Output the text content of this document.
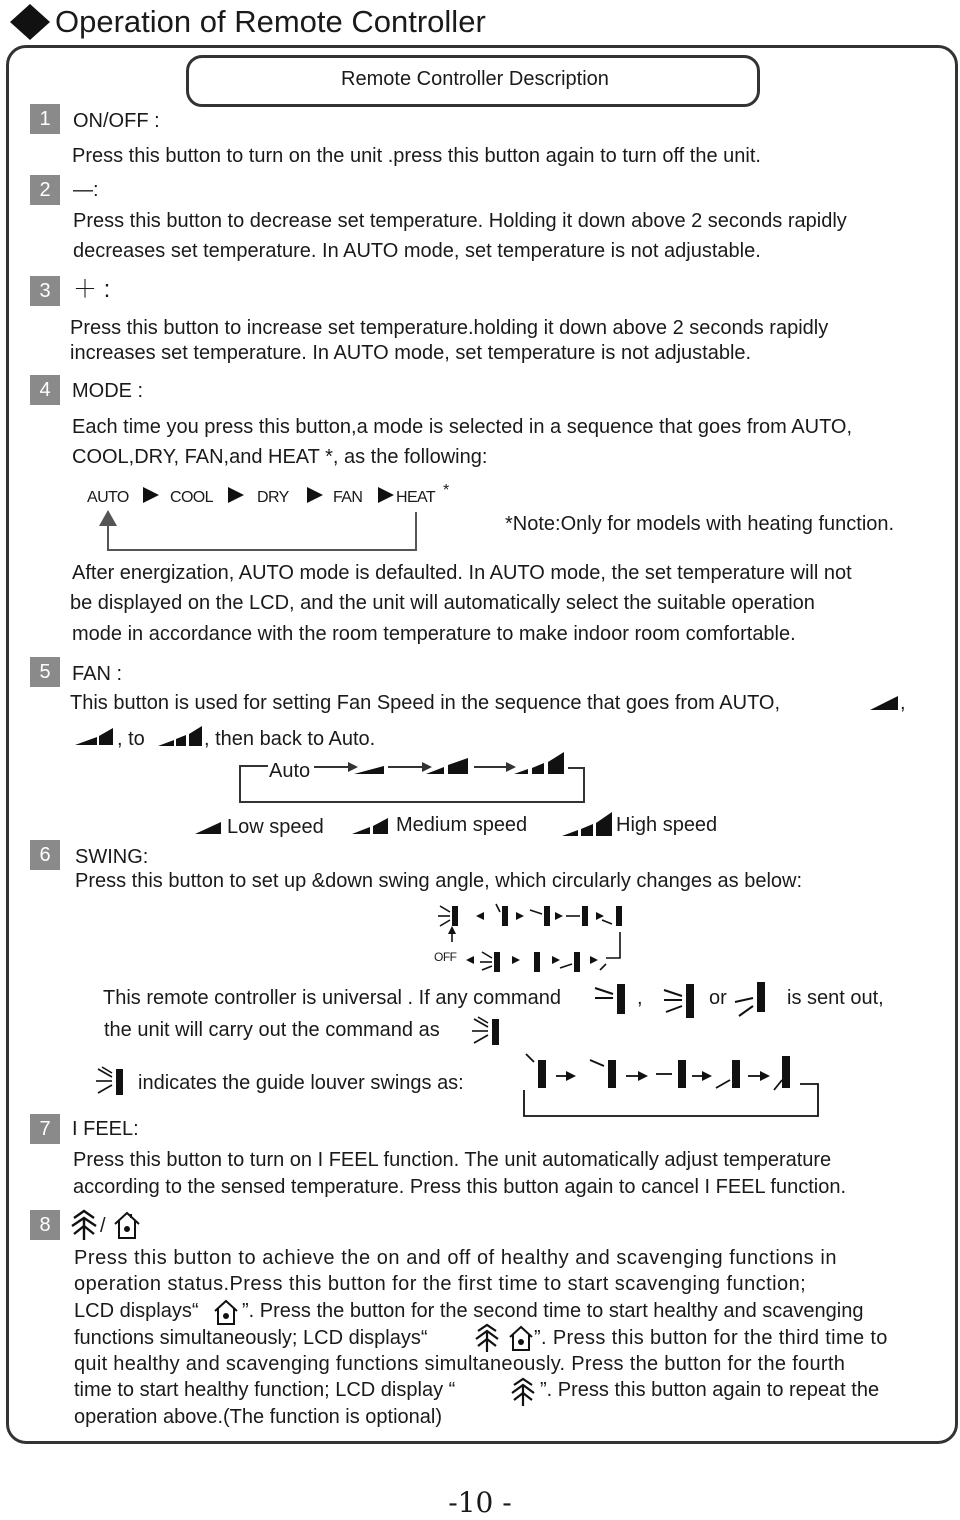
Operation of Remote Controller
Remote Controller Description
1	ON/OFF :
Press this button to turn on the unit .press this button again to turn off the unit.
2	—:
Press this button to decrease set temperature. Holding it down above 2 seconds rapidly
decreases set temperature. In AUTO mode, set temperature is not adjustable.
3 ＋ :
Press this button to increase set temperature.holding it down above 2 seconds rapidly
increases set temperature. In AUTO mode, set temperature is not adjustable.
4	MODE :
Each time you press this button,a mode is selected in a sequence that goes from AUTO,
COOL,DRY, FAN,and HEAT *, as the following:
AUTO	COOL	DRY	FAN HEAT *
*Note:Only for models with heating function.
After energization, AUTO mode is defaulted. In AUTO mode, the set temperature will not
be displayed on the LCD, and the unit will automatically select the suitable operation
mode in accordance with the room temperature to make indoor room comfortable.
5	FAN :
This button is used for setting Fan Speed in the sequence that goes from AUTO,	,
, to	, then back to Auto.
Auto
Low speed	Medium speed	High speed
6	SWING:
Press this button to set up &down swing angle, which circularly changes as below:
OFF
This remote controller is universal . If any command	,	or	is sent out,
the unit will carry out the command as
indicates the guide louver swings as:
7	I FEEL:
Press this button to turn on I FEEL function. The unit automatically adjust temperature
according to the sensed temperature. Press this button again to cancel I FEEL function.
8	/
Press this button to achieve the on and off of healthy and scavenging functions in
operation status.Press this button for the first time to start scavenging function;
LCD displays“ ”. Press the button for the second time to start healthy and scavenging
functions simultaneously; LCD displays“	”. Press this button for the third time to
quit healthy and scavenging functions simultaneously. Press the button for the fourth
time to start healthy function; LCD display “	”. Press this button again to repeat the
operation above.(The function is optional)
-10 -
